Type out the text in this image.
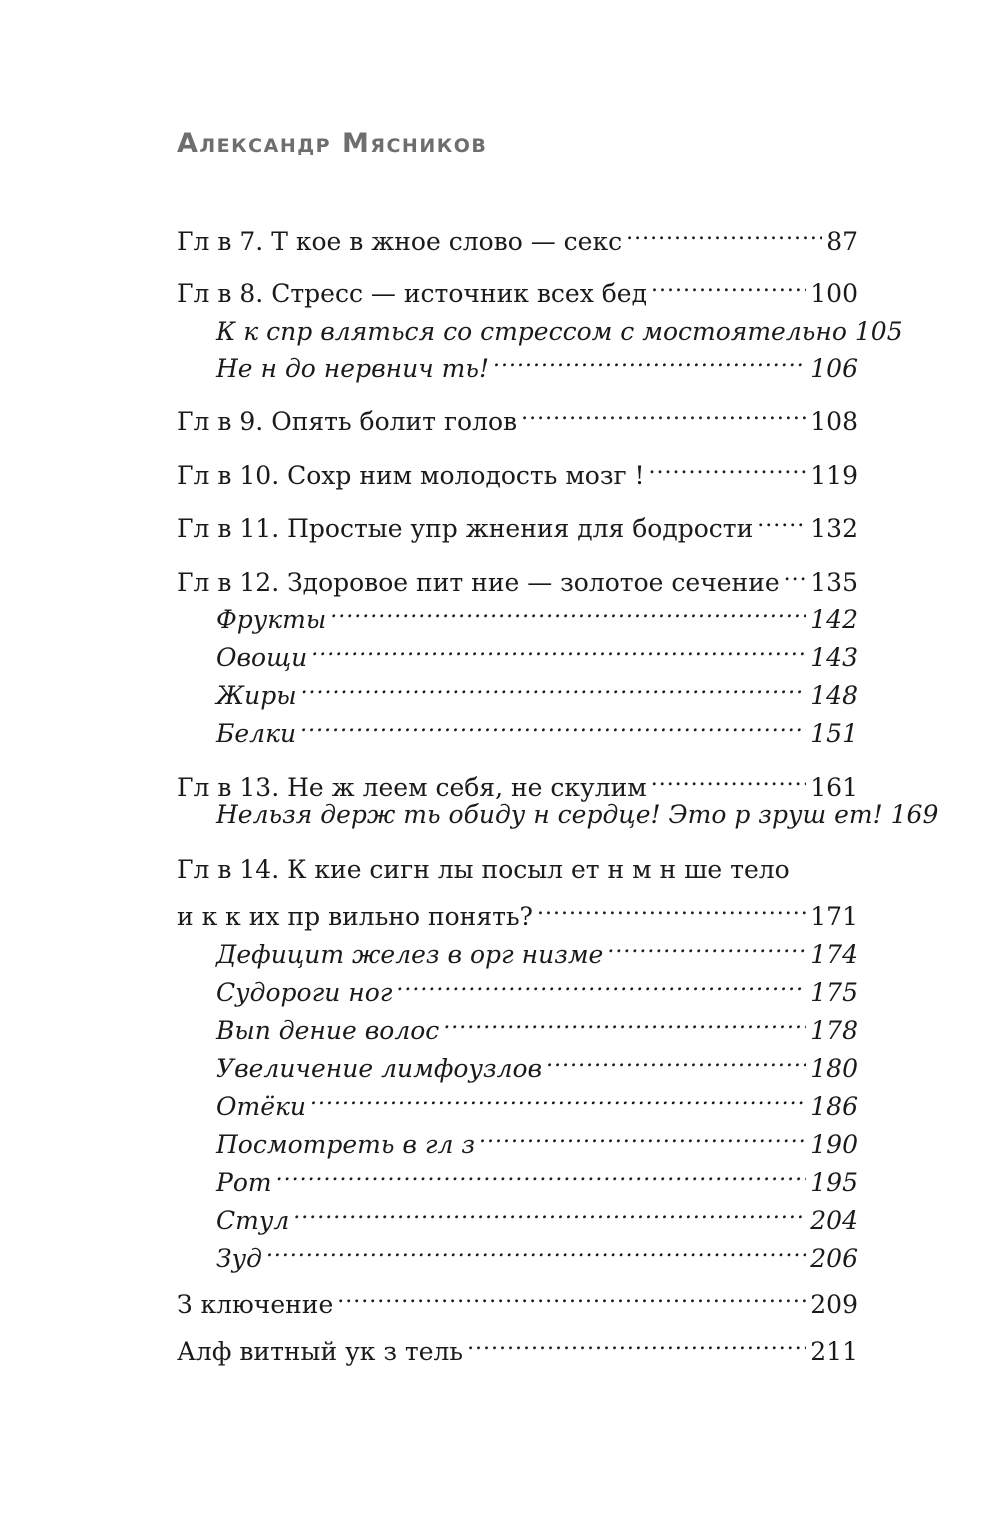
Александр Мясников
Гл в 7. Т кое в жное слово — секс .....	87
Гл в 8. Стресс — источник всех бед .....	100
К к спр вляться со стрессом с мостоятельно 105
Не н до нервнич ть! .....	106
Гл в 9. Опять болит голов .....	108
Гл в 10. Сохр ним молодость мозг ! .....	119
Гл в 11. Простые упр жнения для бодрости ..... 132
Гл в 12. Здоровое пит ние — золотое сечение ..... 135
Фрукты .....	142
Овощи .....	143
Жиры .....	148
Белки .....	151
Гл в 13. Не ж леем себя, не скулим .....	161
Нельзя держ ть обиду н сердце! Это р зруш ет! 169
Гл в 14. К кие сигн лы посыл ет н м н ше тело
и к к их пр вильно понять? .....	171
Дефицит желез в орг низме .....	174
Судороги ног .....	175
Вып дение волос .....	178
Увеличение лимфоузлов .....	180
Отёки .....	186
Посмотреть в гл з .....	190
Рот .....	195
Стул .....	204
Зуд .....	206
З ключение .....	209
Алф витный ук з тель .....	211
